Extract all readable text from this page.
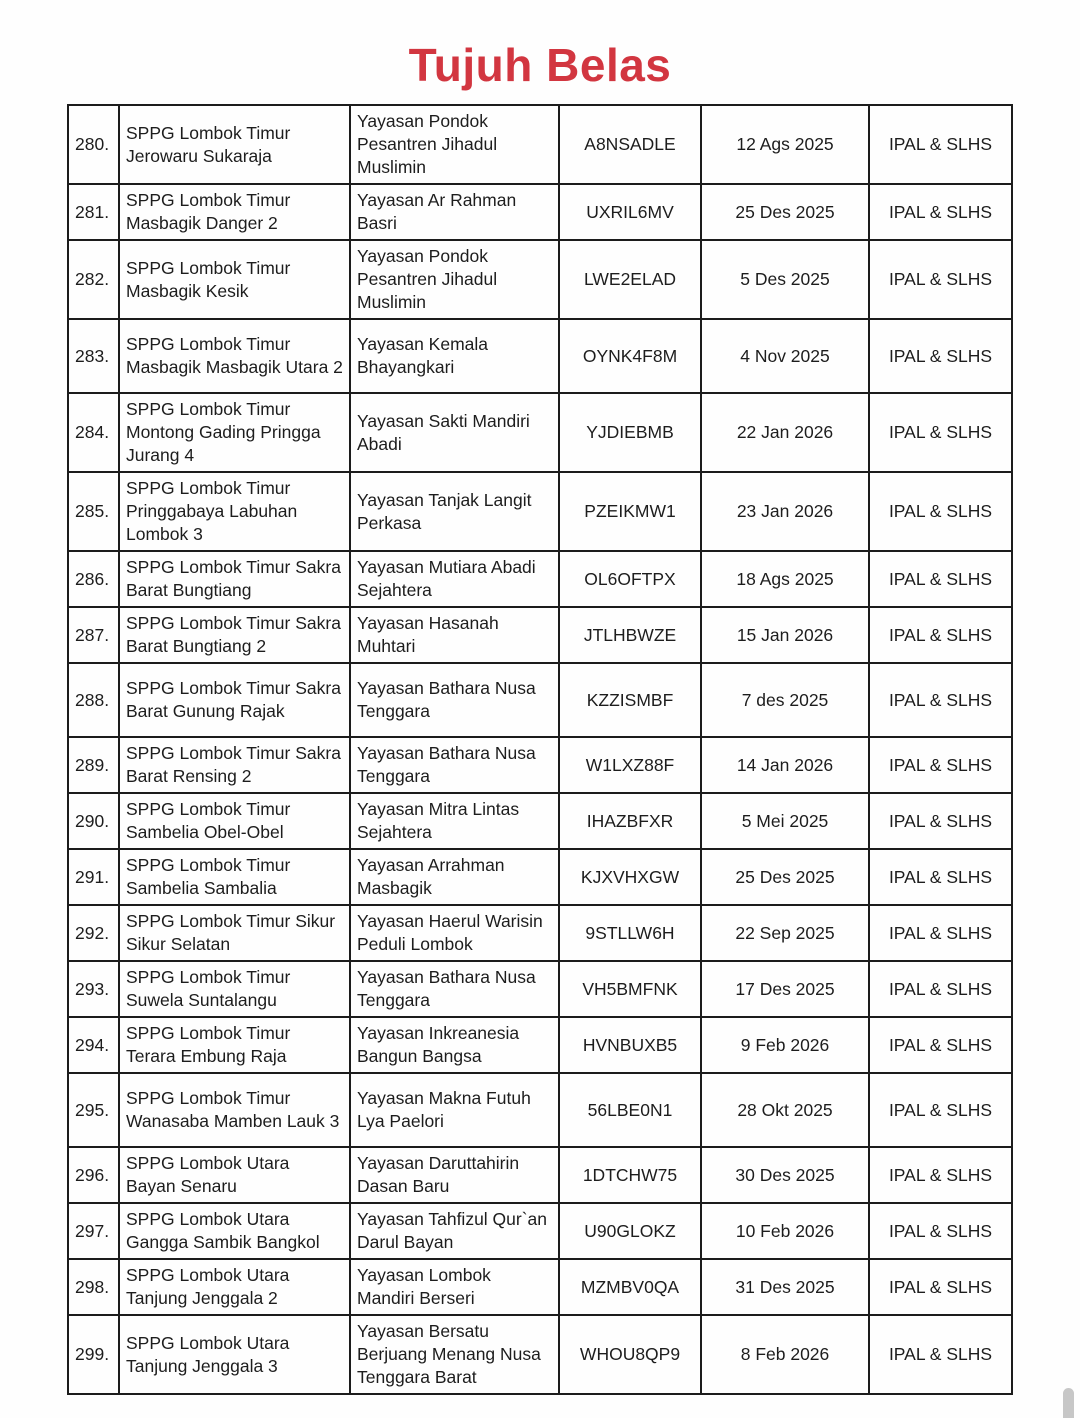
Tujuh Belas
280.	SPPG Lombok Timur Jerowaru Sukaraja	Yayasan Pondok Pesantren Jihadul Muslimin	A8NSADLE	12 Ags 2025	IPAL & SLHS
281.	SPPG Lombok Timur Masbagik Danger 2	Yayasan Ar Rahman Basri	UXRIL6MV	25 Des 2025	IPAL & SLHS
282.	SPPG Lombok Timur Masbagik Kesik	Yayasan Pondok Pesantren Jihadul Muslimin	LWE2ELAD	5 Des 2025	IPAL & SLHS
283.	SPPG Lombok Timur Masbagik Masbagik Utara 2	Yayasan Kemala Bhayangkari	OYNK4F8M	4 Nov 2025	IPAL & SLHS
284.	SPPG Lombok Timur Montong Gading Pringga Jurang 4	Yayasan Sakti Mandiri Abadi	YJDIEBMB	22 Jan 2026	IPAL & SLHS
285.	SPPG Lombok Timur Pringgabaya Labuhan Lombok 3	Yayasan Tanjak Langit Perkasa	PZEIKMW1	23 Jan 2026	IPAL & SLHS
286.	SPPG Lombok Timur Sakra Barat Bungtiang	Yayasan Mutiara Abadi Sejahtera	OL6OFTPX	18 Ags 2025	IPAL & SLHS
287.	SPPG Lombok Timur Sakra Barat Bungtiang 2	Yayasan Hasanah Muhtari	JTLHBWZE	15 Jan 2026	IPAL & SLHS
288.	SPPG Lombok Timur Sakra Barat Gunung Rajak	Yayasan Bathara Nusa Tenggara	KZZISMBF	7 des 2025	IPAL & SLHS
289.	SPPG Lombok Timur Sakra Barat Rensing 2	Yayasan Bathara Nusa Tenggara	W1LXZ88F	14 Jan 2026	IPAL & SLHS
290.	SPPG Lombok Timur Sambelia Obel-Obel	Yayasan Mitra Lintas Sejahtera	IHAZBFXR	5 Mei 2025	IPAL & SLHS
291.	SPPG Lombok Timur Sambelia Sambalia	Yayasan Arrahman Masbagik	KJXVHXGW	25 Des 2025	IPAL & SLHS
292.	SPPG Lombok Timur Sikur Sikur Selatan	Yayasan Haerul Warisin Peduli Lombok	9STLLW6H	22 Sep 2025	IPAL & SLHS
293.	SPPG Lombok Timur Suwela Suntalangu	Yayasan Bathara Nusa Tenggara	VH5BMFNK	17 Des 2025	IPAL & SLHS
294.	SPPG Lombok Timur Terara Embung Raja	Yayasan Inkreanesia Bangun Bangsa	HVNBUXB5	9 Feb 2026	IPAL & SLHS
295.	SPPG Lombok Timur Wanasaba Mamben Lauk 3	Yayasan Makna Futuh Lya Paelori	56LBE0N1	28 Okt 2025	IPAL & SLHS
296.	SPPG Lombok Utara Bayan Senaru	Yayasan Daruttahirin Dasan Baru	1DTCHW75	30 Des 2025	IPAL & SLHS
297.	SPPG Lombok Utara Gangga Sambik Bangkol	Yayasan Tahfizul Qur`an Darul Bayan	U90GLOKZ	10 Feb 2026	IPAL & SLHS
298.	SPPG Lombok Utara Tanjung Jenggala 2	Yayasan Lombok Mandiri Berseri	MZMBV0QA	31 Des 2025	IPAL & SLHS
299.	SPPG Lombok Utara Tanjung Jenggala 3	Yayasan Bersatu Berjuang Menang Nusa Tenggara Barat	WHOU8QP9	8 Feb 2026	IPAL & SLHS
